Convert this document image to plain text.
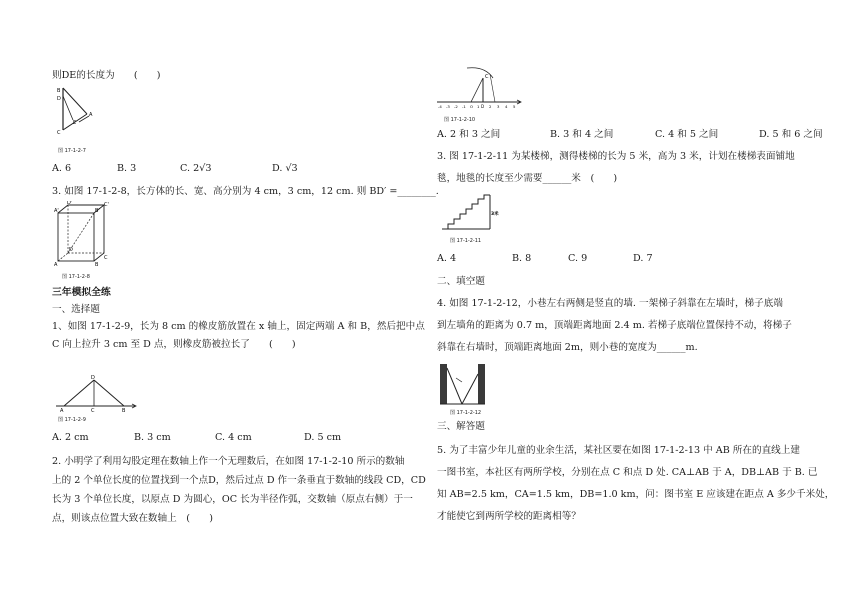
则DE的长度为　　(　　)
B
D
E
C
A
图 17-1-2-7
A. 6	B. 3	C. 2√3	D. √3
3. 如图 17-1-2-8，长方体的长、宽、高分别为 4 cm，3 cm，12 cm. 则 BD′ =________.
A'
D'
B'
C'
A
D
B
C
图 17-1-2-8
三年模拟全练
一、选择题
1、如图 17-1-2-9，长为 8 cm 的橡皮筋放置在 x 轴上，固定两端 A 和 B，然后把中点
C 向上拉升 3 cm 至 D 点，则橡皮筋被拉长了　　(　　)
A	C	B
D
图 17-1-2-9
A. 2 cm	B. 3 cm	C. 4 cm	D. 5 cm
2. 小明学了利用勾股定理在数轴上作一个无理数后，在如图 17-1-2-10 所示的数轴
上的 2 个单位长度的位置找到一个点D，然后过点 D 作一条垂直于数轴的线段 CD，CD
长为 3 个单位长度，以原点 D 为圆心，OC 长为半径作弧，交数轴（原点右侧）于一
点，则该点位置大致在数轴上　(　　)
C
D
-4 -3 -2 -1 O 1	2 3 4 5
图 17-1-2-10
A. 2 和 3 之间	B. 3 和 4 之间	C. 4 和 5 之间	D. 5 和 6 之间
3. 图 17-1-2-11 为某楼梯，测得楼梯的长为 5 米，高为 3 米，计划在楼梯表面铺地
毯，地毯的长度至少需要______米　(　　)
3米
图 17-1-2-11
A. 4	B. 8	C. 9	D. 7
二、填空题
4. 如图 17-1-2-12，小巷左右两侧是竖直的墙. 一架梯子斜靠在左墙时，梯子底端
到左墙角的距离为 0.7 m，顶端距离地面 2.4 m. 若梯子底端位置保持不动，将梯子
斜靠在右墙时，顶端距离地面 2m，则小巷的宽度为______m.
图 17-1-2-12
三、解答题
5. 为了丰富少年儿童的业余生活，某社区要在如图 17-1-2-13 中 AB 所在的直线上建
一图书室，本社区有两所学校，分别在点 C 和点 D 处. CA⊥AB 于 A，DB⊥AB 于 B. 已
知 AB=2.5 km，CA=1.5 km，DB=1.0 km，问：图书室 E 应该建在距点 A 多少千米处，
才能使它到两所学校的距离相等？
